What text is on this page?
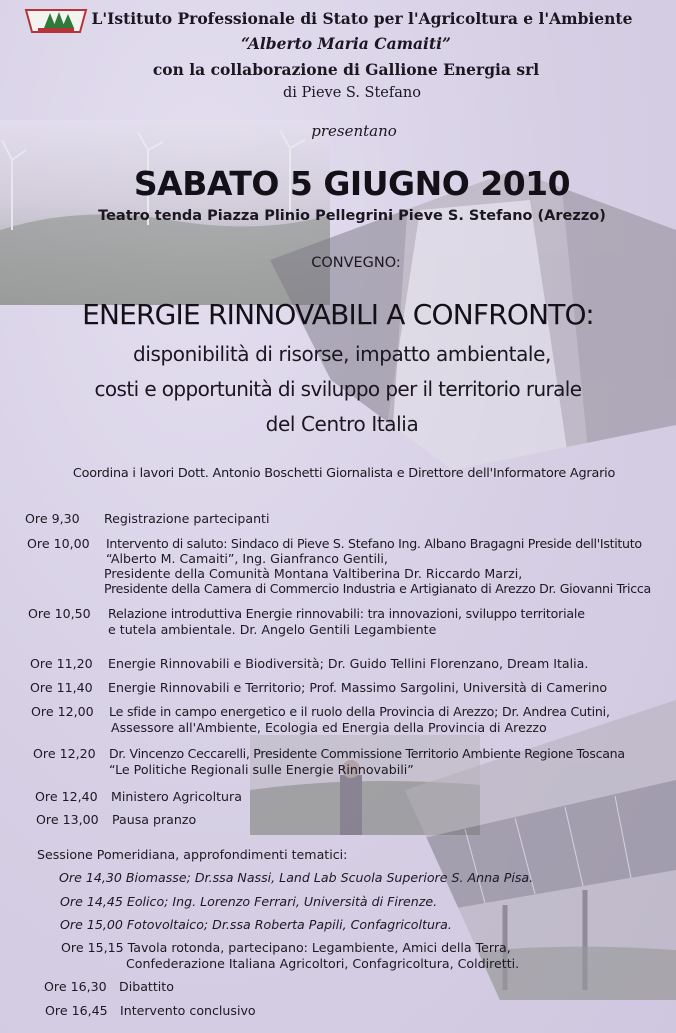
L'Istituto Professionale di Stato per l'Agricoltura e l'Ambiente
“Alberto Maria Camaiti”
con la collaborazione di Gallione Energia srl
di Pieve S. Stefano
presentano
SABATO 5 GIUGNO 2010
Teatro tenda Piazza Plinio Pellegrini Pieve S. Stefano (Arezzo)
CONVEGNO:
ENERGIE RINNOVABILI A CONFRONTO:
disponibilità di risorse, impatto ambientale,
costi e opportunità di sviluppo per il territorio rurale
del Centro Italia
Coordina i lavori Dott. Antonio Boschetti Giornalista e Direttore dell'Informatore Agrario
Ore 9,30 Registrazione partecipanti
Ore 10,00 Intervento di saluto: Sindaco di Pieve S. Stefano Ing. Albano Bragagni Preside dell'Istituto
“Alberto M. Camaiti”, Ing. Gianfranco Gentili,
Presidente della Comunità Montana Valtiberina Dr. Riccardo Marzi,
Presidente della Camera di Commercio Industria e Artigianato di Arezzo Dr. Giovanni Tricca
Ore 10,50 Relazione introduttiva Energie rinnovabili: tra innovazioni, sviluppo territoriale
e tutela ambientale. Dr. Angelo Gentili Legambiente
Ore 11,20 Energie Rinnovabili e Biodiversità; Dr. Guido Tellini Florenzano, Dream Italia.
Ore 11,40 Energie Rinnovabili e Territorio; Prof. Massimo Sargolini, Università di Camerino
Ore 12,00 Le sfide in campo energetico e il ruolo della Provincia di Arezzo; Dr. Andrea Cutini,
Assessore all'Ambiente, Ecologia ed Energia della Provincia di Arezzo
Ore 12,20 Dr. Vincenzo Ceccarelli, Presidente Commissione Territorio Ambiente Regione Toscana
“Le Politiche Regionali sulle Energie Rinnovabili”
Ore 12,40 Ministero Agricoltura
Ore 13,00 Pausa pranzo
Sessione Pomeridiana, approfondimenti tematici:
Ore 14,30 Biomasse; Dr.ssa Nassi, Land Lab Scuola Superiore S. Anna Pisa.
Ore 14,45 Eolico; Ing. Lorenzo Ferrari, Università di Firenze.
Ore 15,00 Fotovoltaico; Dr.ssa Roberta Papili, Confagricoltura.
Ore 15,15 Tavola rotonda, partecipano: Legambiente, Amici della Terra,
Confederazione Italiana Agricoltori, Confagricoltura, Coldiretti.
Ore 16,30 Dibattito
Ore 16,45 Intervento conclusivo
